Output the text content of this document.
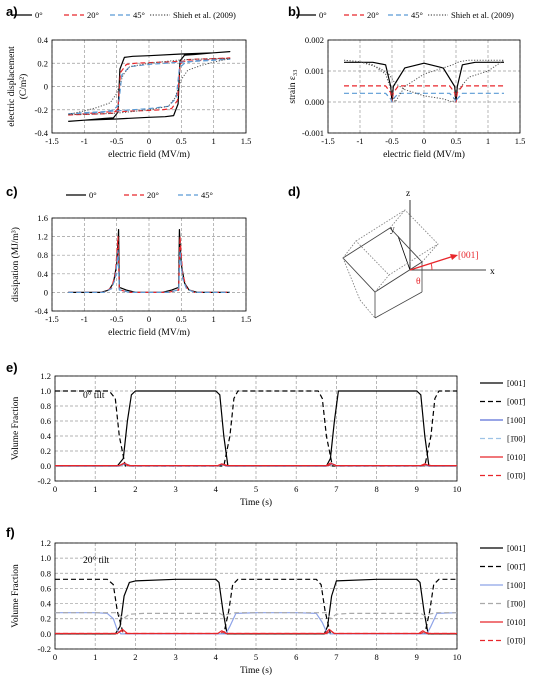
a)
-0.4
-0.2
0
0.2
0.4
-1.5	-1	-0.5	0	0.5	1	1.5
electric field (MV/m)
electric displacement (C/m²)
0°	20°	45°	Shieh et al. (2009)	b)
-0.001
0.000
0.001
0.002
-1.5	-1	-0.5	0	0.5	1	1.5
electric field (MV/m)
strain ε₃₃
0°	20°	45°	Shieh et al. (2009)
c)
-0.4
0
0.4
0.8
1.2
1.6
-1.5	-1	-0.5	0	0.5	1	1.5
electric field (MV/m)
dissipation (MJ/m³)
0°	20°	45°
e)
-0.2
0.0
0.2
0.4
0.6
0.8
1.0
1.2
0	1	2	3	4	5	6	7	8	9	10
Time (s)
Volume Fraction
0° tilt
[001]
[001̄]
[100]
[1̄00]
[010]
[01̄0]
f)
-0.2
0.0
0.2
0.4
0.6
0.8
1.0
1.2
0	1	2	3	4	5	6	7	8	9	10
Time (s)
Volume Fraction
20° tilt
[001]
[001̄]
[100]
[1̄00]
[010]
[01̄0]
d)	z
x
y
[001]
θ
